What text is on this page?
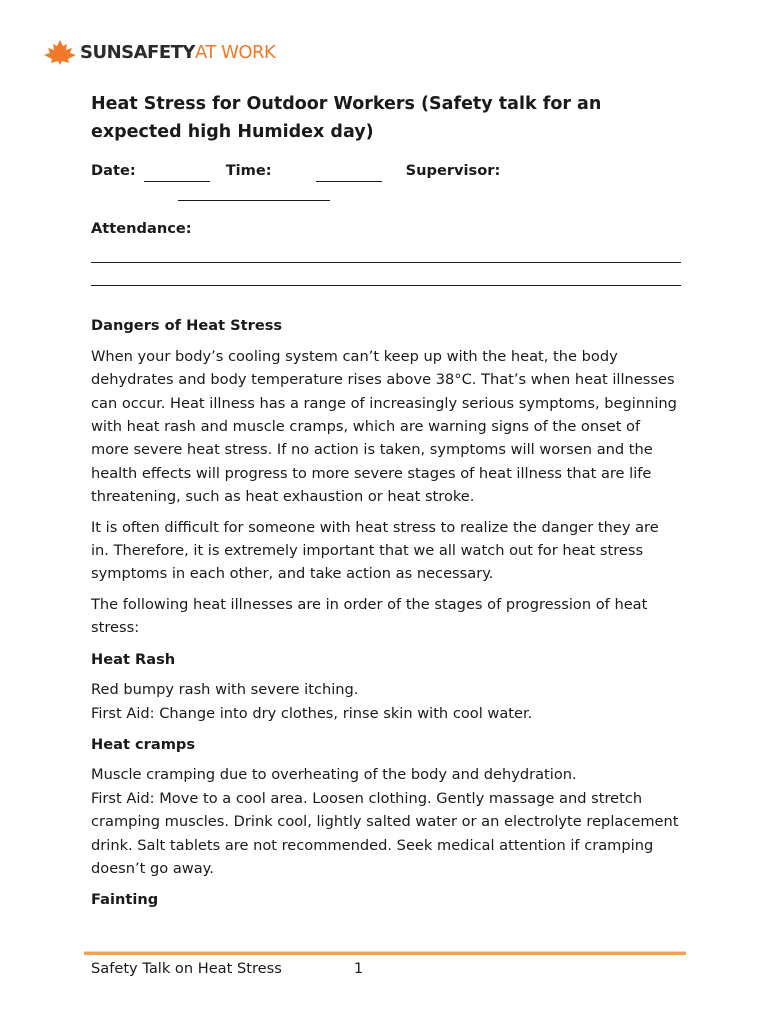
SUNSAFETYAT WORK
Heat Stress for Outdoor Workers (Safety talk for an expected high Humidex day)
Date:	Time:	Supervisor:
Attendance:
Dangers of Heat Stress

When your body’s cooling system can’t keep up with the heat, the body dehydrates and body temperature rises above 38°C. That’s when heat illnesses can occur. Heat illness has a range of increasingly serious symptoms, beginning with heat rash and muscle cramps, which are warning signs of the onset of more severe heat stress. If no action is taken, symptoms will worsen and the health effects will progress to more severe stages of heat illness that are life threatening, such as heat exhaustion or heat stroke.

It is often difficult for someone with heat stress to realize the danger they are in. Therefore, it is extremely important that we all watch out for heat stress symptoms in each other, and take action as necessary.

The following heat illnesses are in order of the stages of progression of heat stress:

Heat Rash
Red bumpy rash with severe itching.
First Aid: Change into dry clothes, rinse skin with cool water.
Heat cramps
Muscle cramping due to overheating of the body and dehydration.
First Aid: Move to a cool area. Loosen clothing. Gently massage and stretch cramping muscles. Drink cool, lightly salted water or an electrolyte replacement drink. Salt tablets are not recommended. Seek medical attention if cramping doesn’t go away.
Fainting
Safety Talk on Heat Stress	1
